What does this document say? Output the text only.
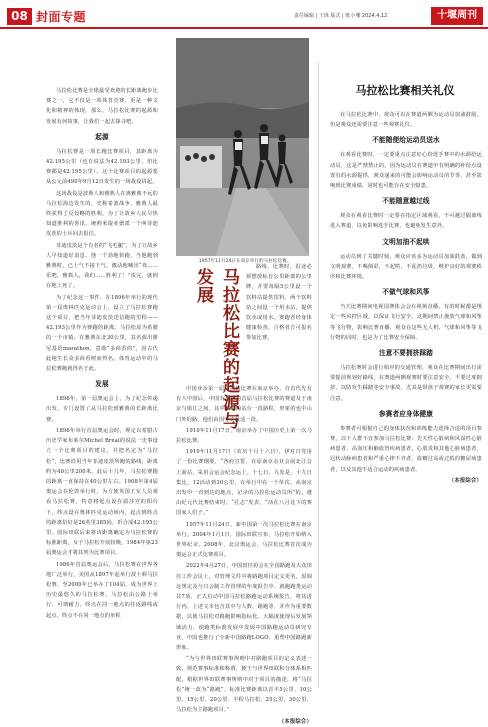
08 封面专题	责任编辑 | 王珠 版式 | 陈小珊 2024.4.12	十堰周刊

马拉松比赛是全球最受欢迎的长距离跑步比赛之一，它不仅是一项体育竞赛，更是一种文化和精神的体现。那么，马拉松比赛的起源和发展有何故事，让我们一起去探寻吧。

起源

马拉松赛是一项长跑比赛项目，其距离为42.195公里（也有说法为42.193公里，但比赛都是42.195公里）。这个比赛项目的起源要从公元前490年9月12日发生的一场战役讲起。

这场战役是波斯人和雅典人在离雅典不远的马拉松海边发生的，史称希波战争，雅典人最终获得了反侵略的胜利。为了让故乡人民尽快知道胜利的喜讯，统帅米提亚德派一个叫菲迪皮茨的士兵回去报信。

菲迪皮茨是个有名的“飞毛腿”，为了让故乡人早知道好消息，他一个劲地快跑，当他跑到雅典时，已上气不接下气，激动地喊出“欢……乐吧，雅典人，我们……胜利了！”说完，就倒在地上死了。

为了纪念这一事件，在1896年举行的现代第一届奥林匹克运动会上，设立了马拉松赛跑这个项目，把当年菲迪皮茨送信跑的里程——42.193公里作为赛跑的距离。马拉松原为希腊的一个市镇，在雅典东北30公里，其名源出腓尼基语marathon，意即“多茴香的”，因古代此地生长众多茴香树而得名。体育运动中的马拉松赛跑就得名于此。

发展

1896年，第一届奥运会上，为了纪念传递出发，专门设置了从马拉松到雅典的长距离比赛。

1896年举行首届奥运会时，规定以希腊古历史学家布莱尔Michel Bréal的说法一史事设立一个比赛项目的建议，并把名定为“马拉松”，比赛沿用当年菲迪皮茨所跑的路线，距离约为40公里200米。此后十几年，马拉松赛跑的距离一直保持在40公里左右。1908年第4届奥运会在伦敦举行时，为方便英国王室人员观看马拉松赛，特意将起点设在温莎宫的阳台下，终点设在奥林匹克运动场内，起点到终点的距离恰好是26英里385码，折合成42.195公里。国际田联后来将该距离确定为马拉松赛的标准距离。女子马拉松开展较晚，1984年第23届奥运会才将其列为比赛项目。

1986年首届奥运会后，马拉松赛在世界各地广泛举行，美国从1897年起举行波士顿马拉松赛，至2000年已举办了104届，成为世界上历史最悠久的马拉松赛。马拉松由公路上举行，可谓耐力，终点在同一地点的往返路线或起点、终点不在同一地点的单程

1957年11月24日在南京举行的马拉松比赛。
马拉松比赛的起源与发展

路线，比赛时，沿途必须摆放标有公里距离的公里牌，并要每隔5公里设一个饮料站提供饮料，两个饮料站之间设一个用水站，提供饮水或用水。赛跑者经身体健康检查，合格者方可报名参加比赛。

中国业余第一届马拉松比赛在南京举办，自首代先有有人中国后，中国有记载的首届马拉松比赛的赛道及于南京与镇江之间，其中赛道的站台一段路程，形象的也中山门外的路，他们由国劳动最适一段。

1910年11月17日，南京举办了中国历史上第一次马拉松比赛。

1910年11月17日（农历十月十六日），伊对日党用了一份比赛纲要，“各府宣誓，在原南京余业会展北江会上面站，采用会运会纪念运上。十七日，九发是，十九日集比，12活动到30公里，在举行中在一个单次。从南京出发中一直到达的地点，记录的马拉松运动员所”的。遵由纪元代比赛结束时，“孔志”发表，“活在八月比下的赛国家人们子。”

1957年11月24日，新中国第一次马拉松比赛在南京举行。2004年1月1日，国际田联宣布，马拉松开始纳入世界纪录，2008年，北京奥运会，马拉松比赛首次成为奥运会正式比赛项目。

2022年4月27日，中国田径协会在全国路跑及大众田径工作会议上，对管理文件中将路跑项目定义更名，原调这规定及与只会制工作管理的年度报告中，就跑跑类运动共7项，正式启动中国马拉松路跑运动系统报告，将其进行内，上述文本包含其中与人数、路跑等，并作为重要数据，以使马拉松对路跑影响指标化。大幅度使现后发展领域活力，使跑类标准发展中发展中国路跑运动员研究专业，中国也推行了全新中国路跑LOGO，重塑中国路跑新形象。

“为与世界田联赛事规则中对路跑项目的定义表述一致，规范赛事标准和称谓，便于与世界田联积分体系相匹配，根据世界田联赛事规则中对于项目的描述，将“马拉松”统一改为“路跑”。标准比赛距离以首平5公里、10公里、15公里、20公里、半程马拉松、25公里、30公里、马拉松为主路跑项目。”

（本报综合）
马拉松比赛相关礼仪

在马拉松比赛中，观众可以在赛道两侧为运动员加油鼓励。但是观众还需要注意一些观赛礼仪。

不能随便给运动员送水

在观看比赛时，一定要重点注意好心给选手赛中的水源给运动员，这是严禁禁止的。因为运动员在赛道中有明确的补给点设置有的水源提供，观众递来的可能会影响运动员的节奏，甚至影响到比赛成绩，同时也可能存在安全隐患。

不能随意越过线

观众在观看比赛时一定要在指定区域观看，不可越过隔离线进入赛道，以免影响选手比赛，也避免发生意外。

文明加油不起哄

运动员到了关键时刻，观众应该多为运动员加油鼓劲，做到文明观赛，不喝倒彩，不起哄，不乱扔垃圾，维护良好的观赛秩序和比赛环境。

不做气球和风筝

当天比赛期间电视国赛体会会在视频直播，有的时候都是规定一些风控区域，以保证飞行安全。这期间禁止施放气球和风筝等飞行物，影响比赛直播，观众在这些无人机、气球和风筝等飞行物的同时，也是为了比赛安全保障。

注意不要拥挤踩踏

马拉松赛时会进行相应的交通管理，观众在比赛期间出行需要提前规划好路线。在赛道两侧观赛时要注意安全，不要过度拥挤，以防发生踩踏等安全事故，尤其是带孩子观赛的家长更需要注意。

参赛者应身体健康

参赛者可根据自己的身体状况和训练能力选择合适的项目参赛，以下人群不宜参加马拉松比赛：先天性心脏病和风湿性心脏病患者，高血压和脑血管疾病患者，心肌炎和其他心脏病患者，冠状动脉病患者和严重心律不齐者，血糖过高或过低的糖尿病患者，以及其他不适合运动的疾病患者。

（本报综合）
